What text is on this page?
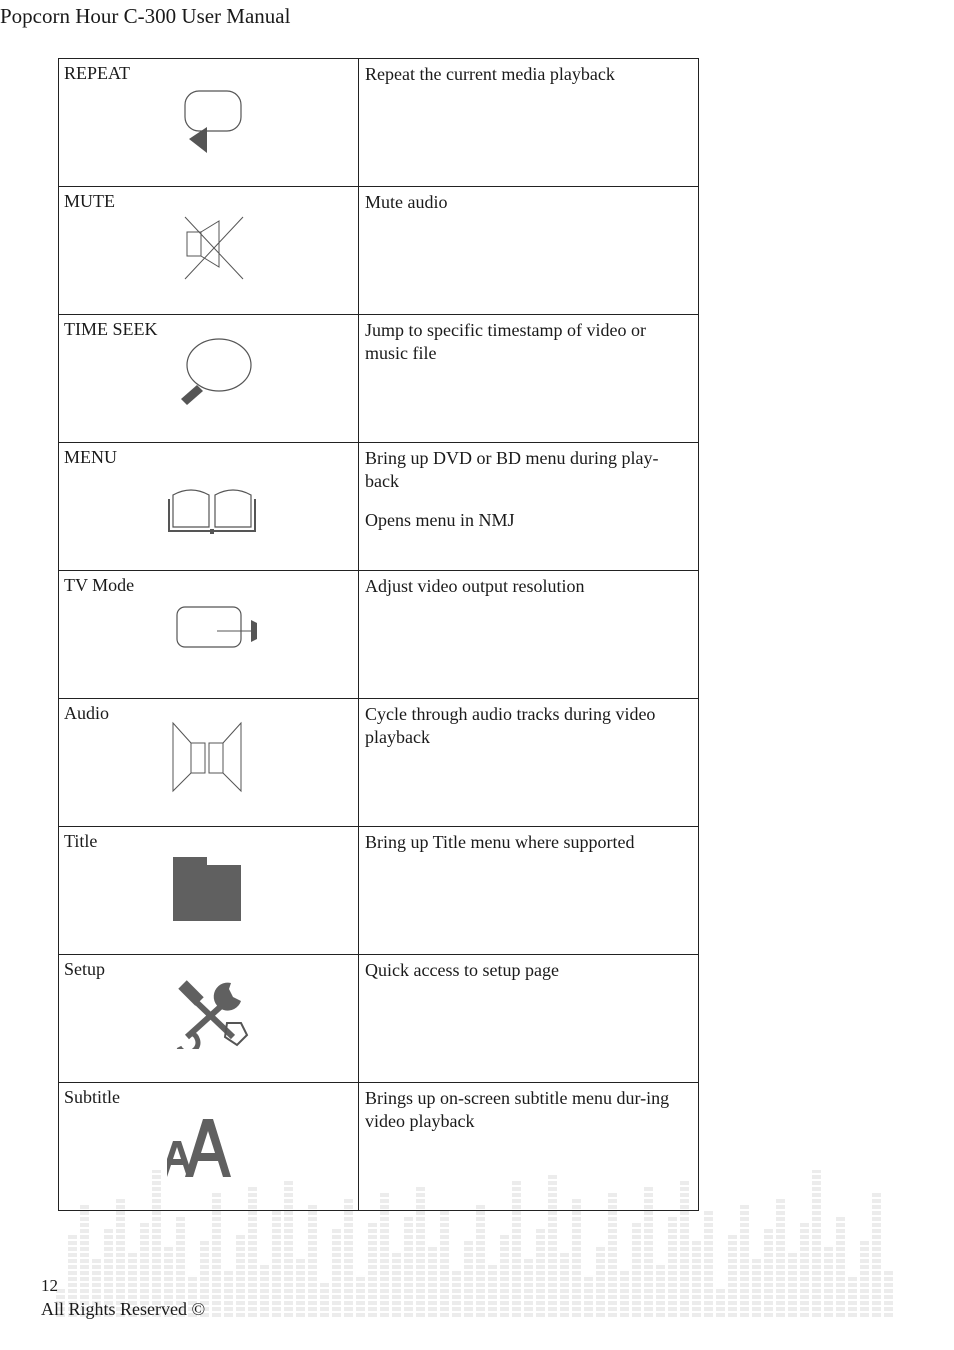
Popcorn Hour C-300 User Manual
REPEAT	Repeat the current media playback

MUTE	Mute audio

TIME SEEK	Jump to specific timestamp of video or music file

MENU	Bring up DVD or BD menu during play-back

Opens menu in NMJ

TV Mode	Adjust video output resolution

Audio	Cycle through audio tracks during video playback

Title	Bring up Title menu where supported

Setup	Quick access to setup page

Subtitle	Brings up on-screen subtitle menu dur-ing video playback

12
All Rights Reserved ©
